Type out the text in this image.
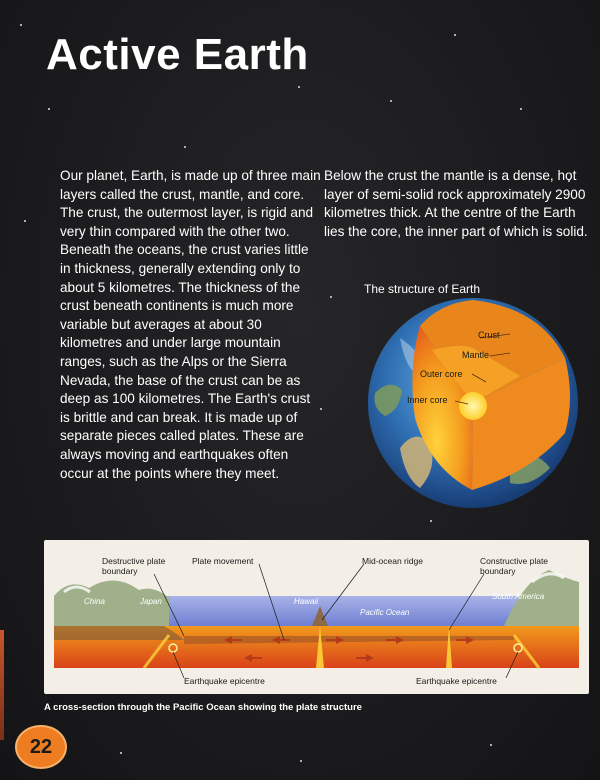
Active Earth

Our planet, Earth, is made up of three main layers called the crust, mantle, and core. The crust, the outermost layer, is rigid and very thin compared with the other two. Beneath the oceans, the crust varies little in thickness, generally extending only to about 5 kilometres. The thickness of the crust beneath continents is much more variable but averages at about 30 kilometres and under large mountain ranges, such as the Alps or the Sierra Nevada, the base of the crust can be as deep as 100 kilometres. The Earth's crust is brittle and can break. It is made up of separate pieces called plates. These are always moving and earthquakes often occur at the points where they meet.

Below the crust the mantle is a dense, hot layer of semi-solid rock approximately 2900 kilometres thick. At the centre of the Earth lies the core, the inner part of which is solid.

The structure of Earth
Crust
Mantle
Outer core
Inner core
Destructive plate boundary
Plate movement	Mid-ocean ridge	Constructive plate boundary
China	Japan	Hawaii
Pacific Ocean
South America
Earthquake epicentre	Earthquake epicentre
A cross-section through the Pacific Ocean showing the plate structure
22
